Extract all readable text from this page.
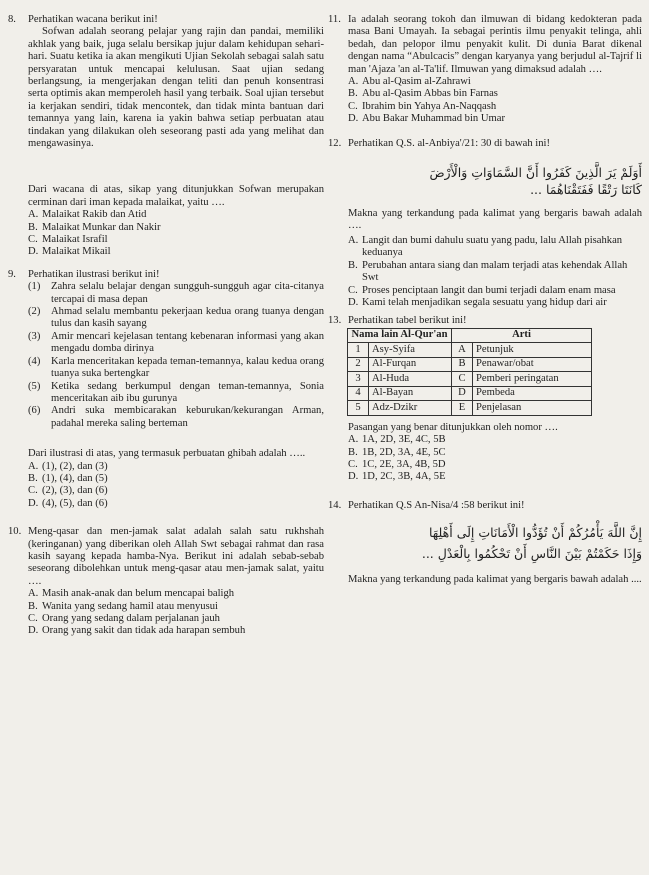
8.	Perhatikan wacana berikut ini!

Sofwan adalah seorang pelajar yang rajin dan pandai, memiliki akhlak yang baik, juga selalu bersikap jujur dalam kehidupan sehari-hari. Suatu ketika ia akan mengikuti Ujian Sekolah sebagai salah satu persyaratan untuk mencapai kelulusan. Saat ujian sedang berlangsung, ia mengerjakan dengan teliti dan penuh konsentrasi serta optimis akan memperoleh hasil yang terbaik. Soal ujian tersebut ia kerjakan sendiri, tidak mencontek, dan tidak minta bantuan dari temannya yang lain, karena ia yakin bahwa setiap perbuatan atau tindakan yang dilakukan oleh seseorang pasti ada yang melihat dan mengawasinya.

Dari wacana di atas, sikap yang ditunjukkan Sofwan merupakan cerminan dari iman kepada malaikat, yaitu ….

A. Malaikat Rakib dan Atid
B. Malaikat Munkar dan Nakir
C. Malaikat Israfil
D. Malaikat Mikail
9.	Perhatikan ilustrasi berikut ini!

(1)	Zahra selalu belajar dengan sungguh-sungguh agar cita-citanya tercapai di masa depan
(2)	Ahmad selalu membantu pekerjaan kedua orang tuanya dengan tulus dan kasih sayang
(3)	Amir mencari kejelasan tentang kebenaran informasi yang akan mengadu domba dirinya
(4)	Karla menceritakan kepada teman-temannya, kalau kedua orang tuanya suka bertengkar
(5)	Ketika sedang berkumpul dengan teman-temannya, Sonia menceritakan aib ibu gurunya
(6)	Andri suka membicarakan keburukan/kekurangan Arman, padahal mereka saling berteman

Dari ilustrasi di atas, yang termasuk perbuatan ghibah adalah …..

A. (1), (2), dan (3)
B. (1), (4), dan (5)
C. (2), (3), dan (6)
D. (4), (5), dan (6)
10. Meng-qasar dan men-jamak salat adalah salah satu rukhshah (keringanan) yang diberikan oleh Allah Swt sebagai rahmat dan rasa kasih sayang kepada hamba-Nya. Berikut ini adalah sebab-sebab seseorang dibolehkan untuk meng-qasar atau men-jamak salat, yaitu ….

A. Masih anak-anak dan belum mencapai baligh
B. Wanita yang sedang hamil atau menyusui
C. Orang yang sedang dalam perjalanan jauh
D. Orang yang sakit dan tidak ada harapan sembuh
11. Ia adalah seorang tokoh dan ilmuwan di bidang kedokteran pada masa Bani Umayah. Ia sebagai perintis ilmu penyakit telinga, ahli bedah, dan pelopor ilmu penyakit kulit. Di dunia Barat dikenal dengan nama “Abulcacis” dengan karyanya yang berjudul al-Tajrif li man 'Ajaza 'an al-Ta'lif. Ilmuwan yang dimaksud adalah ….

A. Abu al-Qasim al-Zahrawi
B. Abu al-Qasim Abbas bin Farnas
C. Ibrahim bin Yahya An-Naqqash
D. Abu Bakar Muhammad bin Umar
12. Perhatikan Q.S. al-Anbiya'/21: 30 di bawah ini!

أَوَلَمْ يَرَ الَّذِينَ كَفَرُوا أَنَّ السَّمَاوَاتِ وَالْأَرْضَ

كَانَتَا رَتْقًا فَفَتَقْنَاهُمَا ...

Makna yang terkandung pada kalimat yang bergaris bawah adalah ….

A. Langit dan bumi dahulu suatu yang padu, lalu Allah pisahkan keduanya
B. Perubahan antara siang dan malam terjadi atas kehendak Allah Swt
C. Proses penciptaan langit dan bumi terjadi dalam enam masa
D. Kami telah menjadikan segala sesuatu yang hidup dari air
13. Perhatikan tabel berikut ini!

Nama lain Al-Qur'an		Arti	
1	Asy-Syifa	A	Petunjuk
2	Al-Furqan	B	Penawar/obat
3	Al-Huda	C	Pemberi peringatan
4	Al-Bayan	D	Pembeda
5	Adz-Dzikr	E	Penjelasan

Pasangan yang benar ditunjukkan oleh nomor ….

A. 1A, 2D, 3E, 4C, 5B
B. 1B, 2D, 3A, 4E, 5C
C. 1C, 2E, 3A, 4B, 5D
D. 1D, 2C, 3B, 4A, 5E
14. Perhatikan Q.S An-Nisa/4 :58 berikut ini!

إِنَّ اللَّهَ يَأْمُرُكُمْ أَنْ تُؤَدُّوا الْأَمَانَاتِ إِلَى أَهْلِهَا

وَإِذَا حَكَمْتُمْ بَيْنَ النَّاسِ أَنْ تَحْكُمُوا بِالْعَدْلِ ...

Makna yang terkandung pada kalimat yang bergaris bawah adalah ....
